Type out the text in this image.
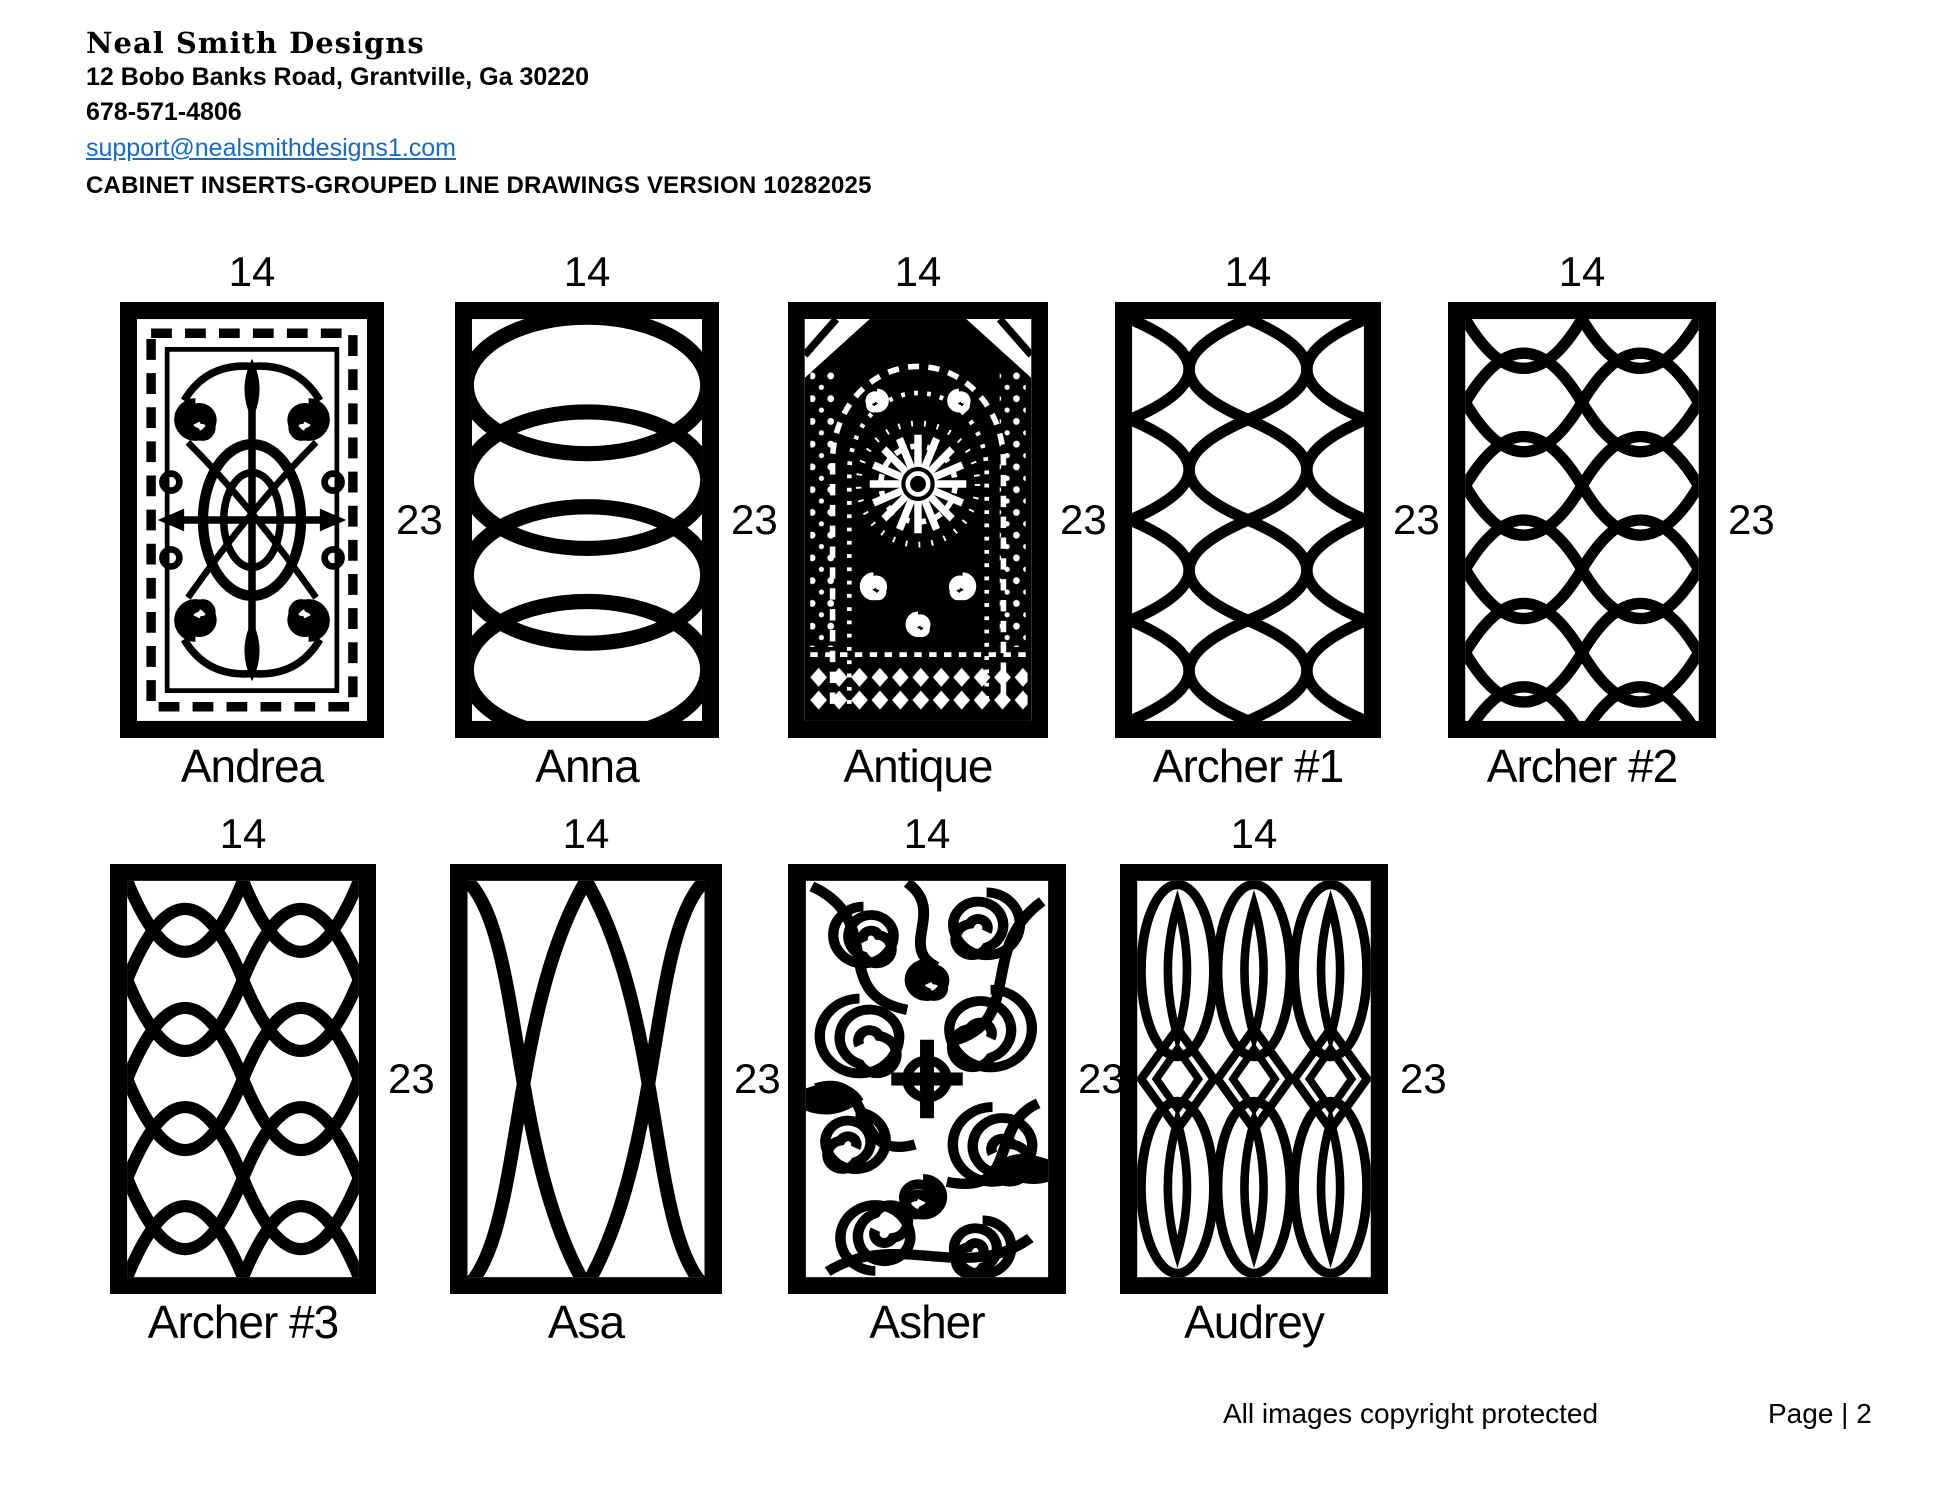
Neal Smith Designs
12 Bobo Banks Road, Grantville, Ga 30220
678-571-4806
support@nealsmithdesigns1.com
CABINET INSERTS-GROUPED LINE DRAWINGS VERSION 10282025
14
23
Andrea
14
23
Anna
14
23
Antique
14
23
Archer #1
14
23
Archer #2
14
23
Archer #3
14
23
Asa
14
23
Asher
14
23
Audrey
All images copyright protected	Page | 2
